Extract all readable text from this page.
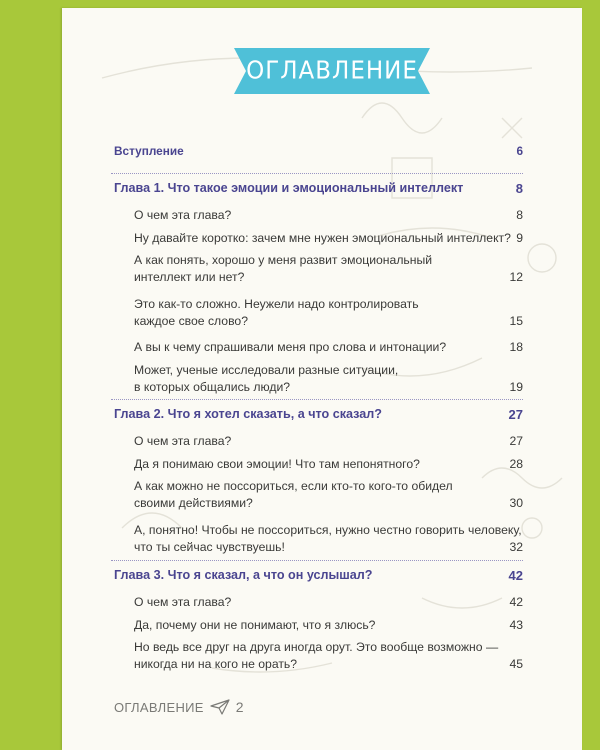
ОГЛАВЛЕНИЕ
Вступление	6
Глава 1. Что такое эмоции и эмоциональный интеллект	8
О чем эта глава?	8
Ну давайте коротко: зачем мне нужен эмоциональный интеллект? 9
А как понять, хорошо у меня развит эмоциональный
интеллект или нет?	12
Это как-то сложно. Неужели надо контролировать
каждое свое слово?	15
А вы к чему спрашивали меня про слова и интонации?	18
Может, ученые исследовали разные ситуации,
в которых общались люди?	19
Глава 2. Что я хотел сказать, а что сказал?	27
О чем эта глава?	27
Да я понимаю свои эмоции! Что там непонятного?	28
А как можно не поссориться, если кто-то кого-то обидел
своими действиями?	30
А, понятно! Чтобы не поссориться, нужно честно говорить человеку,
что ты сейчас чувствуешь!	32
Глава 3. Что я сказал, а что он услышал?	42
О чем эта глава?	42
Да, почему они не понимают, что я злюсь?	43
Но ведь все друг на друга иногда орут. Это вообще возможно —
никогда ни на кого не орать?	45
ОГЛАВЛЕНИЕ 2
